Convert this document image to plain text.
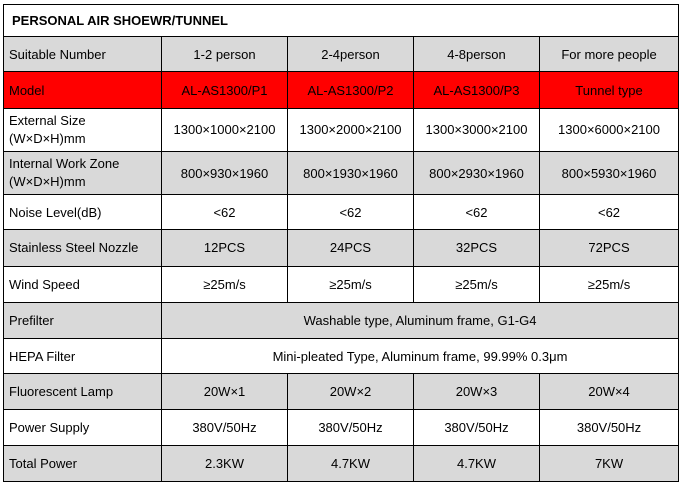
PERSONAL AIR SHOEWR/TUNNEL				
Suitable Number	1-2 person	2-4person	4-8person	For more people
Model	AL-AS1300/P1	AL-AS1300/P2	AL-AS1300/P3	Tunnel type

External Size
(W×D×H)mm	1300×1000×2100	1300×2000×2100	1300×3000×2100	1300×6000×2100

Internal Work Zone
(W×D×H)mm	800×930×1960	800×1930×1960	800×2930×1960	800×5930×1960
Noise Level(dB)	<62	<62	<62	<62
Stainless Steel Nozzle	12PCS	24PCS	32PCS	72PCS
Wind Speed	≥25m/s	≥25m/s	≥25m/s	≥25m/s
Prefilter	Washable type, Aluminum frame, G1-G4			
HEPA Filter	Mini-pleated Type, Aluminum frame, 99.99% 0.3μm			
Fluorescent Lamp	20W×1	20W×2	20W×3	20W×4
Power Supply	380V/50Hz	380V/50Hz	380V/50Hz	380V/50Hz
Total Power	2.3KW	4.7KW	4.7KW	7KW
